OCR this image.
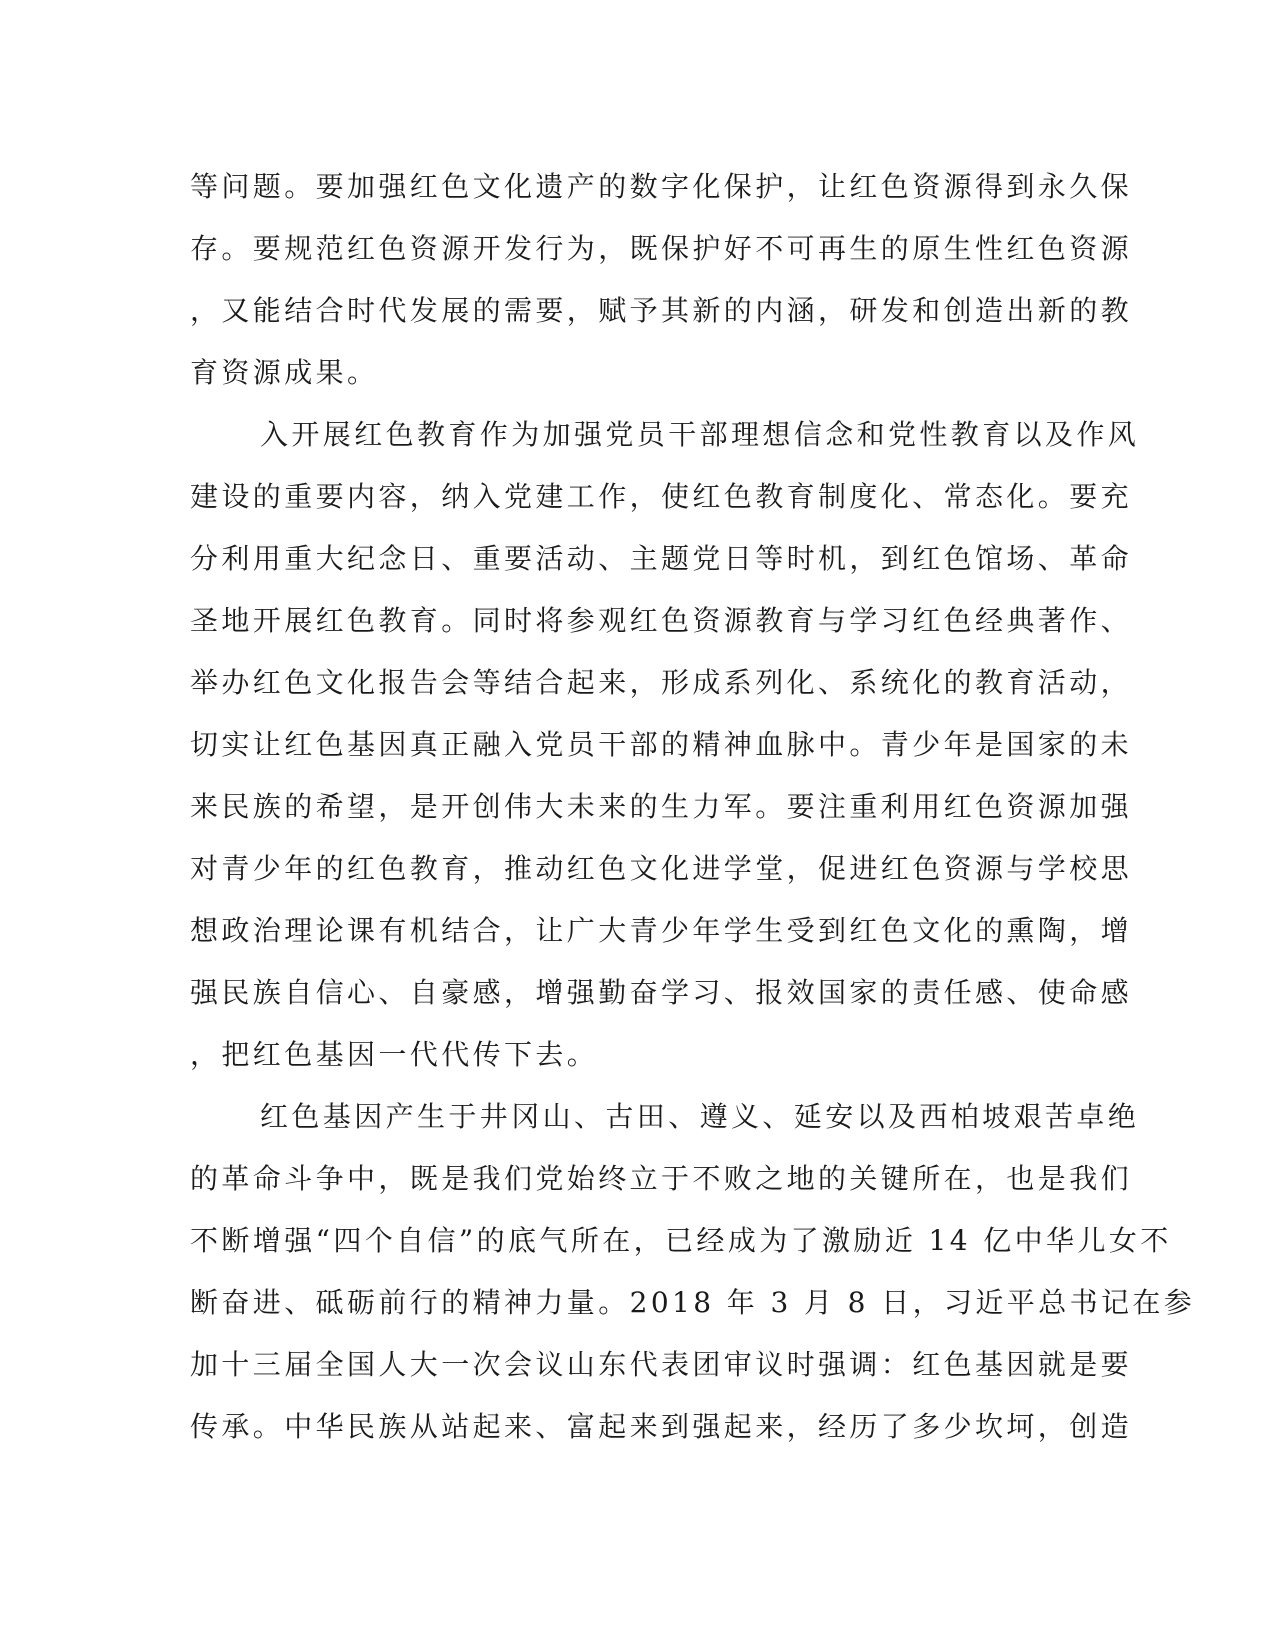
等问题。要加强红色文化遗产的数字化保护，让红色资源得到永久保
存。要规范红色资源开发行为，既保护好不可再生的原生性红色资源
，又能结合时代发展的需要，赋予其新的内涵，研发和创造出新的教
育资源成果。
入开展红色教育作为加强党员干部理想信念和党性教育以及作风
建设的重要内容，纳入党建工作，使红色教育制度化、常态化。要充
分利用重大纪念日、重要活动、主题党日等时机，到红色馆场、革命
圣地开展红色教育。同时将参观红色资源教育与学习红色经典著作、
举办红色文化报告会等结合起来，形成系列化、系统化的教育活动，
切实让红色基因真正融入党员干部的精神血脉中。青少年是国家的未
来民族的希望，是开创伟大未来的生力军。要注重利用红色资源加强
对青少年的红色教育，推动红色文化进学堂，促进红色资源与学校思
想政治理论课有机结合，让广大青少年学生受到红色文化的熏陶，增
强民族自信心、自豪感，增强勤奋学习、报效国家的责任感、使命感
，把红色基因一代代传下去。
红色基因产生于井冈山、古田、遵义、延安以及西柏坡艰苦卓绝
的革命斗争中，既是我们党始终立于不败之地的关键所在，也是我们
不断增强“四个自信”的底气所在，已经成为了激励近 14 亿中华儿女不
断奋进、砥砺前行的精神力量。2018 年 3 月 8 日，习近平总书记在参
加十三届全国人大一次会议山东代表团审议时强调：红色基因就是要
传承。中华民族从站起来、富起来到强起来，经历了多少坎坷，创造
